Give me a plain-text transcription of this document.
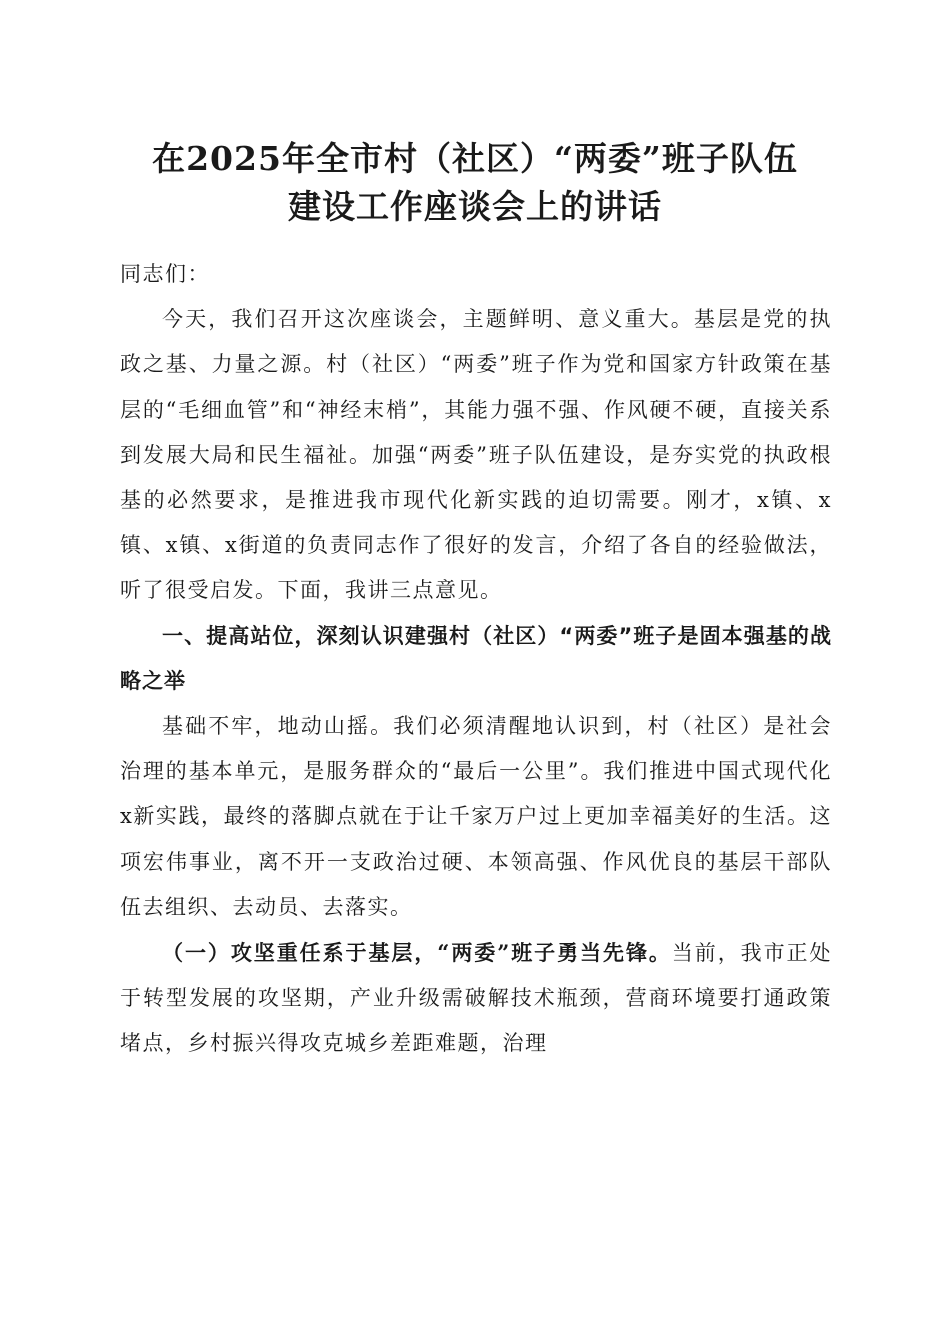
在2025年全市村（社区）“两委”班子队伍
建设工作座谈会上的讲话

同志们：

今天，我们召开这次座谈会，主题鲜明、意义重大。基层是党的执政之基、力量之源。村（社区）“两委”班子作为党和国家方针政策在基层的“毛细血管”和“神经末梢”，其能力强不强、作风硬不硬，直接关系到发展大局和民生福祉。加强“两委”班子队伍建设，是夯实党的执政根基的必然要求，是推进我市现代化新实践的迫切需要。刚才，x镇、x镇、x镇、x街道的负责同志作了很好的发言，介绍了各自的经验做法，听了很受启发。下面，我讲三点意见。

一、提高站位，深刻认识建强村（社区）“两委”班子是固本强基的战略之举

基础不牢，地动山摇。我们必须清醒地认识到，村（社区）是社会治理的基本单元，是服务群众的“最后一公里”。我们推进中国式现代化x新实践，最终的落脚点就在于让千家万户过上更加幸福美好的生活。这项宏伟事业，离不开一支政治过硬、本领高强、作风优良的基层干部队伍去组织、去动员、去落实。

（一）攻坚重任系于基层，“两委”班子勇当先锋。当前，我市正处于转型发展的攻坚期，产业升级需破解技术瓶颈，营商环境要打通政策堵点，乡村振兴得攻克城乡差距难题，治理
